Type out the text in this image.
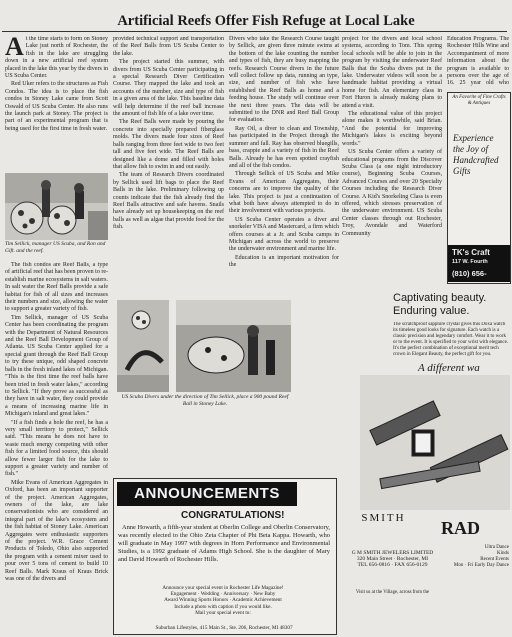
Artificial Reefs Offer Fish Refuge at Local Lake

At the time starts to form on Stoney Lake just north of Rochester, the fish in the lake are struggling down in a new artificial reef system placed in the lake this year by the divers in US Scuba Center.

Red Uker refers to the structures as Fish Condos. The idea is to place the fish condos in Stoney Lake came from Scott Oswald of US Scuba Center. He also runs the launch park at Stoney. The project is part of an experimental program that is being used for the first time in fresh water.

Tim Sellick, manager US Scuba, and Ron and Gift. and the reef.

The fish condos are Reef Balls, a type of artificial reef that has been proven to re-establish marine ecosystems in salt waters. In salt water the Reef Balls provide a safe habitat for fish of all sizes and increases their numbers and size, allowing the water to support a greater variety of fish.

Tim Sellick, manager of US Scuba Center has been coordinating the program with the Department of Natural Resources and the Reef Ball Development Group of Atlanta. US Scuba Center applied for a special grant through the Reef Ball Group to try these unique, odd shaped concrete balls in the fresh inland lakes of Michigan. "This is the first time the reef balls have been tried in fresh water lakes," according to Sellick. "If they prove as successful as they have in salt water, they could provide a means of increasing marine life in Michigan's inland and great lakes."

"If a fish finds a hole the reef, he has a very small territory to protect," Sellick said. "This means he does not have to waste much energy competing with other fish for a limited food source, this should allow fewer larger fish for the lake to support a greater variety and number of fish."

Mike Evans of American Aggregates in Oxford, has been an important supporter of the project. American Aggregates, owners of the lake, are lake conservationists who are considered an integral part of the lake's ecosystem and the fish habitat of Stoney Lake. American Aggregates were enthusiastic supporters of the project. W.R. Grace Cement Products of Toledo, Ohio also supported the program with a cement mixer used to pour over 5 tons of cement to build 10 Reef Balls. Mark Kraus of Kraus Brick was one of the divers and

provided technical support and transportation of the Reef Balls from US Scuba Center to the lake.

The project started this summer, with divers from US Scuba Center participating in a special Research Diver Certification Course. They mapped the lake and took an accounts of the number, size and type of fish in a given area of the lake. This baseline data will help determine if the reef ball increase the amount of fish life of a lake over time.

The Reef Balls were made by pouring the concrete into specially prepared fiberglass molds. The divers made four sizes of Reef balls ranging from three feet wide to two feet tall and five feet wide. The Reef Balls are designed like a dome and filled with holes that allow fish to swim in and out easily.

The team of Research Divers coordinated by Sellick used lift bags to place the Reef Balls in the lake. Preliminary following up counts indicate that the fish already find the Reef Balls attractive and safe havens. Snails have already set up housekeeping on the reef balls as well as algae that provide food for the fish.

US Scuba Divers under the direction of Tim Sellick, place a 900 pound Reef Ball in Stoney Lake.

Divers who take the Research Course taught by Sellick, are given three minute swims at the bottom of the lake counting the number and types of fish, they are busy mapping the reefs. Research Course divers in the future will collect follow up data, running an type, size, and number of fish who have established the Reef Balls as home and a feeding house. The study will continue over the next three years. The data will be submitted to the DNR and Reef Ball Group for evaluation.

Ray Oil, a diver to clean and Township, has participated in the Project through the summer and fall. Ray has observed bluegills, bass, crappie and a variety of fish in the Reef Balls. Already he has even spotted crayfish and all of the fish condos.

Through Sellick of US Scuba and Mike Evans of American Aggregates, their concerns are to improve the quality of the lake. This project is just a continuation of what both have always attempted to do in their involvement with various projects.

US Scuba Center operates a diver and snorkeler VISA and Mastercard, a firm which offers courses at a Jr. and Scuba camps in Michigan and across the world to preserve the underwater environment and marine life.

Education is an important motivation for the

project for the divers and local school systems, according to Tom. This spring local schools will be able to join in the program by visiting the underwater Reef Balls that the Scuba divers put in the lake. Underwater videos will soon be a handmade habitat providing a virtual home for fish. An elementary class in Fort Huron is already making plans to attend a visit.

The educational value of this project alone makes it worthwhile, said Brian. "And the potential for improving Michigan's lakes is exciting beyond words."

US Scuba Center offers a variety of educational programs from the Discover Scuba Class (a one night introductory course), Beginning Scuba Courses, Advanced Courses and over 20 Specialty Courses including the Research Diver Course. A Kid's Snorkeling Class is even offered, which stresses preservation of the underwater environment. US Scuba Center classes through out Rochester, Troy, Avondale and Waterford Community

Education Programs. The Rochester Hills Wine and Accompaniment of more information about the program is available to persons over the age of 16. 25 year old who

An Favorite of Fine Crafts & Antiques
Experience
the Joy of
Handcrafted
Gifts
TK's Craft
117 W. Fourth
(810) 656-
Captivating beauty.
Enduring value.
The scratchproof sapphire crystal gives this Doxa watch its timeless good looks for signature. Each watch is a classic precision and legendary comfort. Wear it to work or to the event. It is specified to your wrist with elegance. It's the perfect combination of exceptional merit tech crown in Elegant Beauty, the perfect gift for you.
A different wa
SMITH
G M SMITH JEWELERS LIMITED
320 Main Street · Rochester, MI
TEL 656-0816 · FAX 656-0129
Visit us at the Village, across from the
RAD
Ultra Dance
Kinds
Recent Events
Mon · Fri Early Day Dance
ANNOUNCEMENTS
CONGRATULATIONS!

Anne Howarth, a fifth-year student at Oberlin College and Oberlin Conservatory, was recently elected to the Ohio Zeta Chapter of Phi Beta Kappa. Howarth, who will graduate in May 1997 with degrees in Horn Performance and Environmental Studies, is a 1992 graduate of Adams High School. She is the daughter of Mary and David Howarth of Rochester Hills.

Announce your special event in Rochester Life Magazine!
Engagement · Wedding · Anniversary · New Baby
Award Winning Sports Honors · Academic Achievement
Include a photo with caption if you would like.
Mail your special event to:
Suburban Lifestyles, 415 Main St., Ste. 206, Rochester, MI 48307
